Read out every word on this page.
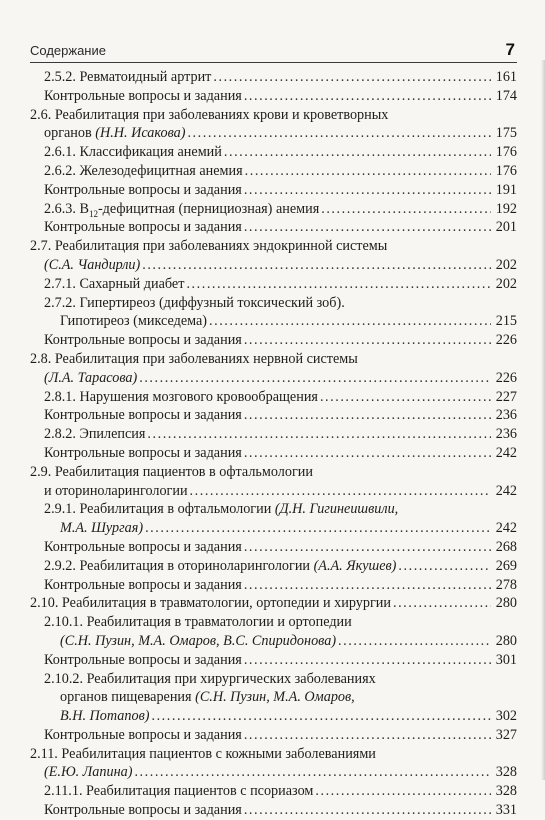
Содержание	7
2.5.2. Ревматоидный артрит . . .	161
Контрольные вопросы и задания . . .	174
2.6. Реабилитация при заболеваниях крови и кроветворных
органов (Н.Н. Исакова) . . .	175
2.6.1. Классификация анемий . . .	176
2.6.2. Железодефицитная анемия . . .	176
Контрольные вопросы и задания . . .	191
2.6.3. $B_{12}$-дефицитная (пернициозная) анемия . . .	192
Контрольные вопросы и задания . . .	201
2.7. Реабилитация при заболеваниях эндокринной системы
(С.А. Чандирли) . . .	202
2.7.1. Сахарный диабет . . .	202
2.7.2. Гипертиреоз (диффузный токсический зоб).
Гипотиреоз (микседема) . . .	215
Контрольные вопросы и задания . . .	226
2.8. Реабилитация при заболеваниях нервной системы
(Л.А. Тарасова) . . .	226
2.8.1. Нарушения мозгового кровообращения . . .	227
Контрольные вопросы и задания . . .	236
2.8.2. Эпилепсия . . .	236
Контрольные вопросы и задания . . .	242
2.9. Реабилитация пациентов в офтальмологии
и оториноларингологии . . .	242
2.9.1. Реабилитация в офтальмологии (Д.Н. Гигинеишвили,
М.А. Шургая) . . .	242
Контрольные вопросы и задания . . .	268
2.9.2. Реабилитация в оториноларингологии (А.А. Якушев) . . .	269
Контрольные вопросы и задания . . .	278
2.10. Реабилитация в травматологии, ортопедии и хирургии . . .	280
2.10.1. Реабилитация в травматологии и ортопедии
(С.Н. Пузин, М.А. Омаров, В.С. Спиридонова) . . .	280
Контрольные вопросы и задания . . .	301
2.10.2. Реабилитация при хирургических заболеваниях
органов пищеварения (С.Н. Пузин, М.А. Омаров,
В.Н. Потапов) . . .	302
Контрольные вопросы и задания . . .	327
2.11. Реабилитация пациентов с кожными заболеваниями
(Е.Ю. Лапина) . . .	328
2.11.1. Реабилитация пациентов с псориазом . . .	328
Контрольные вопросы и задания . . .	331
